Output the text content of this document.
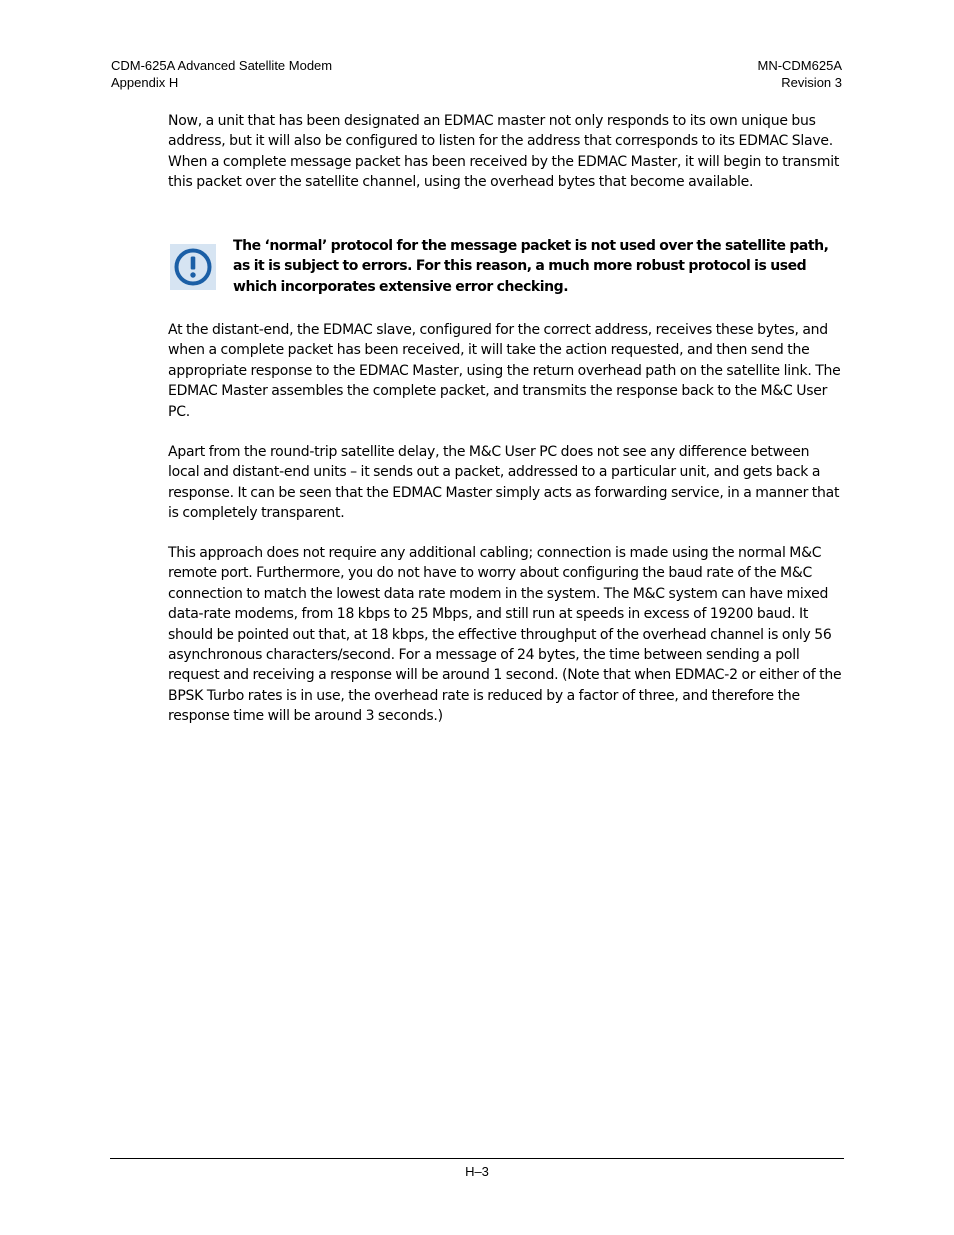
CDM-625A Advanced Satellite Modem
Appendix H
MN-CDM625A
Revision 3

Now, a unit that has been designated an EDMAC master not only responds to its own unique bus address, but it will also be configured to listen for the address that corresponds to its EDMAC Slave. When a complete message packet has been received by the EDMAC Master, it will begin to transmit this packet over the satellite channel, using the overhead bytes that become available.

The ‘normal’ protocol for the message packet is not used over the satellite path, as it is subject to errors. For this reason, a much more robust protocol is used which incorporates extensive error checking.

At the distant-end, the EDMAC slave, configured for the correct address, receives these bytes, and when a complete packet has been received, it will take the action requested, and then send the appropriate response to the EDMAC Master, using the return overhead path on the satellite link. The EDMAC Master assembles the complete packet, and transmits the response back to the M&C User PC.

Apart from the round-trip satellite delay, the M&C User PC does not see any difference between local and distant-end units – it sends out a packet, addressed to a particular unit, and gets back a response. It can be seen that the EDMAC Master simply acts as forwarding service, in a manner that is completely transparent.

This approach does not require any additional cabling; connection is made using the normal M&C remote port. Furthermore, you do not have to worry about configuring the baud rate of the M&C connection to match the lowest data rate modem in the system. The M&C system can have mixed data-rate modems, from 18 kbps to 25 Mbps, and still run at speeds in excess of 19200 baud. It should be pointed out that, at 18 kbps, the effective throughput of the overhead channel is only 56 asynchronous characters/second. For a message of 24 bytes, the time between sending a poll request and receiving a response will be around 1 second. (Note that when EDMAC-2 or either of the BPSK Turbo rates is in use, the overhead rate is reduced by a factor of three, and therefore the response time will be around 3 seconds.)

H–3
